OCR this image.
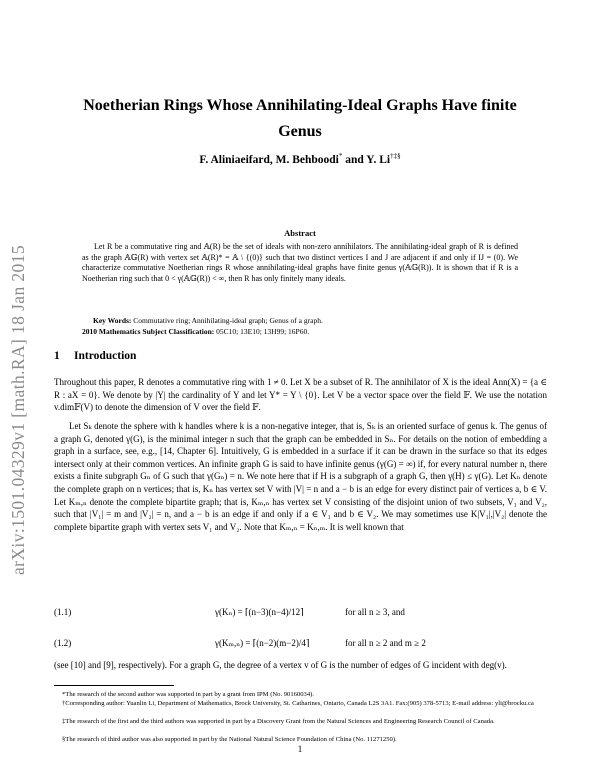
arXiv:1501.04329v1 [math.RA] 18 Jan 2015
Noetherian Rings Whose Annihilating-Ideal Graphs Have finite Genus
F. Aliniaeifard, M. Behboodi* and Y. Li†‡§
Abstract

Let R be a commutative ring and 𝔸(R) be the set of ideals with non-zero annihilators. The annihilating-ideal graph of R is defined as the graph 𝔸𝔾(R) with vertex set 𝔸(R)* = 𝔸 \ {(0)} such that two distinct vertices I and J are adjacent if and only if IJ = (0). We characterize commutative Noetherian rings R whose annihilating-ideal graphs have finite genus γ(𝔸𝔾(R)). It is shown that if R is a Noetherian ring such that 0 < γ(𝔸𝔾(R)) < ∞, then R has only finitely many ideals.

Key Words: Commutative ring; Annihilating-ideal graph; Genus of a graph.
2010 Mathematics Subject Classification: 05C10; 13E10; 13H99; 16P60.
1 Introduction

Throughout this paper, R denotes a commutative ring with 1 ≠ 0. Let X be a subset of R. The annihilator of X is the ideal Ann(X) = {a ∈ R : aX = 0}. We denote by |Y| the cardinality of Y and let Y* = Y \ {0}. Let V be a vector space over the field 𝔽. We use the notation v.dim𝔽(V) to denote the dimension of V over the field 𝔽.

Let Sₖ denote the sphere with k handles where k is a non-negative integer, that is, Sₖ is an oriented surface of genus k. The genus of a graph G, denoted γ(G), is the minimal integer n such that the graph can be embedded in Sₙ. For details on the notion of embedding a graph in a surface, see, e.g., [14, Chapter 6]. Intuitively, G is embedded in a surface if it can be drawn in the surface so that its edges intersect only at their common vertices. An infinite graph G is said to have infinite genus (γ(G) = ∞) if, for every natural number n, there exists a finite subgraph Gₙ of G such that γ(Gₙ) = n. We note here that if H is a subgraph of a graph G, then γ(H) ≤ γ(G). Let Kₙ denote the complete graph on n vertices; that is, Kₙ has vertex set V with |V| = n and a − b is an edge for every distinct pair of vertices a, b ∈ V. Let Kₘ,ₙ denote the complete bipartite graph; that is, Kₘ,ₙ has vertex set V consisting of the disjoint union of two subsets, V₁ and V₂, such that |V₁| = m and |V₂| = n, and a − b is an edge if and only if a ∈ V₁ and b ∈ V₂. We may sometimes use K|V₁|,|V₂| denote the complete bipartite graph with vertex sets V₁ and V₂. Note that Kₘ,ₙ = Kₙ,ₘ. It is well known that

(1.1)	γ(Kₙ) = ⌈(n−3)(n−4)/12⌉	for all n ≥ 3, and
(1.2)	γ(Kₘ,ₙ) = ⌈(n−2)(m−2)/4⌉	for all n ≥ 2 and m ≥ 2
(see [10] and [9], respectively). For a graph G, the degree of a vertex v of G is the number of edges of G incident with deg(v).

*The research of the second author was supported in part by a grant from IPM (No. 90160034).

†Corresponding author: Yuanlin Li, Department of Mathematics, Brock University, St. Catharines, Ontario, Canada L2S 3A1. Fax:(905) 378-5713; E-mail address: yli@brocku.ca

‡The research of the first and the third authors was supported in part by a Discovery Grant from the Natural Sciences and Engineering Research Council of Canada.

§The research of third author was also supported in part by the National Natural Science Foundation of China (No. 11271250).

1
